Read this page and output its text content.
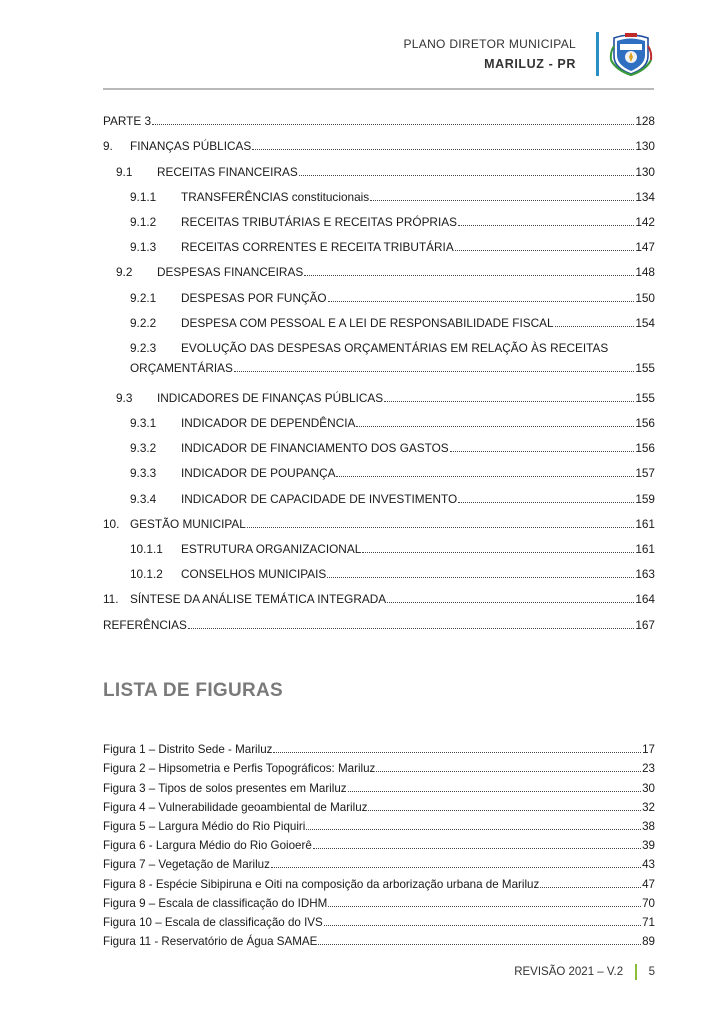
PLANO DIRETOR MUNICIPAL
MARILUZ - PR
PARTE 3	128
9.	FINANÇAS PÚBLICAS	130
9.1	RECEITAS FINANCEIRAS	130
9.1.1	TRANSFERÊNCIAS constitucionais	134
9.1.2	RECEITAS TRIBUTÁRIAS E RECEITAS PRÓPRIAS	142
9.1.3	RECEITAS CORRENTES E RECEITA TRIBUTÁRIA	147
9.2	DESPESAS FINANCEIRAS	148
9.2.1	DESPESAS POR FUNÇÃO	150
9.2.2	DESPESA COM PESSOAL E A LEI DE RESPONSABILIDADE FISCAL	154
9.2.3	EVOLUÇÃO DAS DESPESAS ORÇAMENTÁRIAS EM RELAÇÃO ÀS RECEITAS
ORÇAMENTÁRIAS	155
9.3	INDICADORES DE FINANÇAS PÚBLICAS	155
9.3.1	INDICADOR DE DEPENDÊNCIA	156
9.3.2	INDICADOR DE FINANCIAMENTO DOS GASTOS	156
9.3.3	INDICADOR DE POUPANÇA	157
9.3.4	INDICADOR DE CAPACIDADE DE INVESTIMENTO	159
10. GESTÃO MUNICIPAL	161
10.1.1	ESTRUTURA ORGANIZACIONAL	161
10.1.2	CONSELHOS MUNICIPAIS	163
11. SÍNTESE DA ANÁLISE TEMÁTICA INTEGRADA	164
REFERÊNCIAS	167
LISTA DE FIGURAS
Figura 1 – Distrito Sede - Mariluz	17
Figura 2 – Hipsometria e Perfis Topográficos: Mariluz	23
Figura 3 – Tipos de solos presentes em Mariluz	30
Figura 4 – Vulnerabilidade geoambiental de Mariluz	32
Figura 5 – Largura Médio do Rio Piquiri	38
Figura 6 - Largura Médio do Rio Goioerê	39
Figura 7 – Vegetação de Mariluz	43
Figura 8 - Espécie Sibipiruna e Oiti na composição da arborização urbana de Mariluz	47
Figura 9 – Escala de classificação do IDHM	70
Figura 10 – Escala de classificação do IVS	71
Figura 11 - Reservatório de Água SAMAE	89
REVISÃO 2021 – V.2 5
